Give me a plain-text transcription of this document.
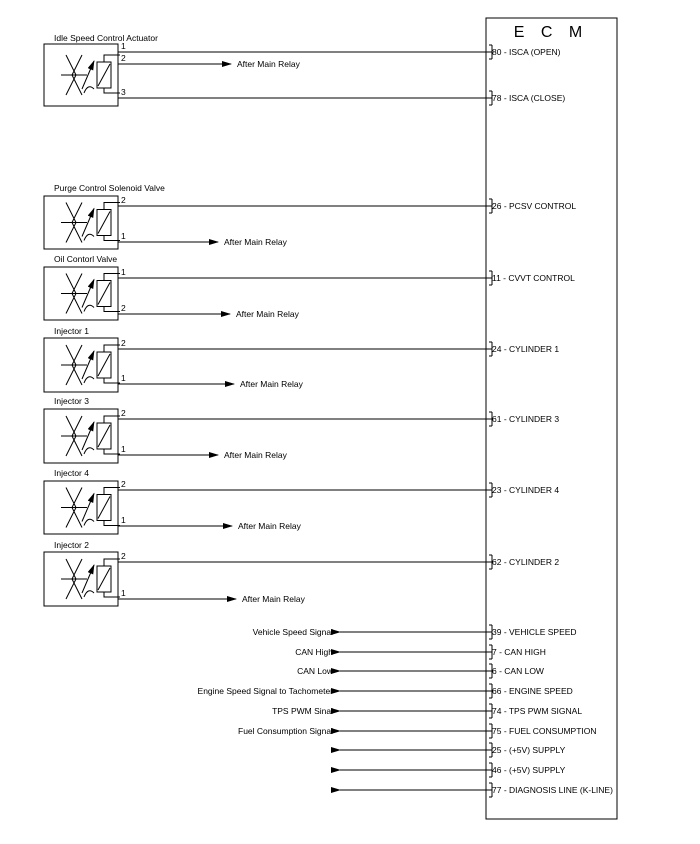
E C M
Idle Speed Control Actuator
1
80 - ISCA (OPEN)
2
After Main Relay
3
78 - ISCA (CLOSE)
Purge Control Solenoid Valve
2
26 - PCSV CONTROL
1
After Main Relay
Oil Contorl Valve
1
11 - CVVT CONTROL
2
After Main Relay
Injector 1
2
24 - CYLINDER 1
1
After Main Relay
Injector 3
2
61 - CYLINDER 3
1
After Main Relay
Injector 4
2
23 - CYLINDER 4
1
After Main Relay
Injector 2
2
62 - CYLINDER 2
1
After Main Relay
39 - VEHICLE SPEED
Vehicle Speed Signal
7 - CAN HIGH
CAN High
6 - CAN LOW
CAN Low
66 - ENGINE SPEED
Engine Speed Signal to Tachometer
74 - TPS PWM SIGNAL
TPS PWM Sinal
75 - FUEL CONSUMPTION
Fuel Consumption Signal
25 - (+5V) SUPPLY
46 - (+5V) SUPPLY
77 - DIAGNOSIS LINE (K-LINE)
